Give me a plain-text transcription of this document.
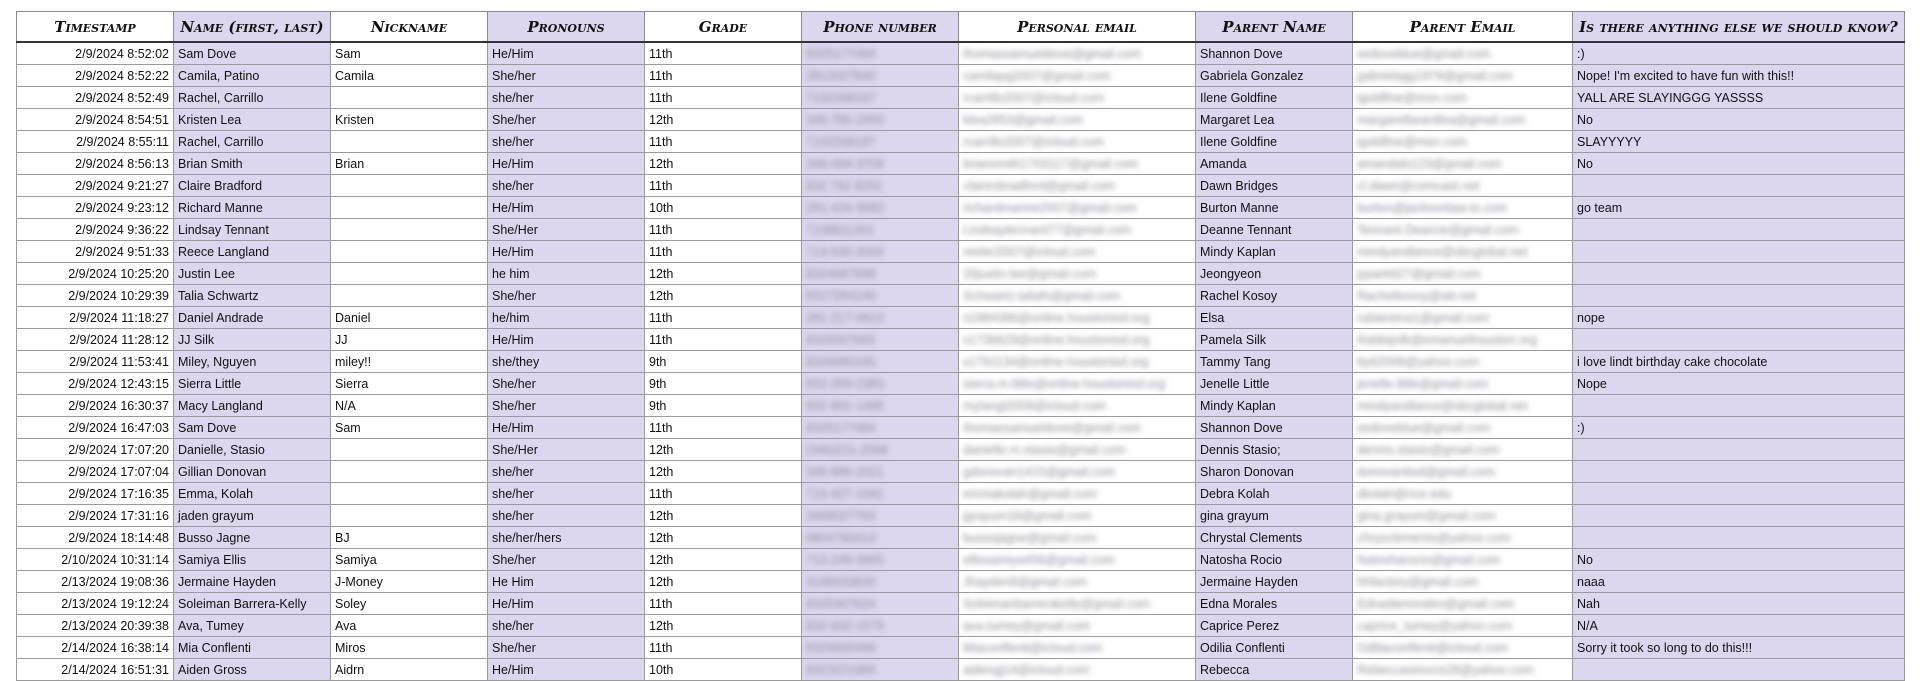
Timestamp	Name (first, last)	Nickname	Pronouns	Grade	Phone number	Personal email	Parent Name	Parent Email	Is there anything else we should know?
2/9/2024 8:52:02	Sam Dove	Sam	He/Him	11th	8325177484	thomassamueldove@gmail.com	Shannon Dove	sedoveblue@gmail.com	:)
2/9/2024 8:52:22	Camila, Patino	Camila	She/her	11th	2812027840	camilapg2007@gmail.com	Gabriela Gonzalez	gabrielagg1979@gmail.com	Nope! I'm excited to have fun with this!!
2/9/2024 8:52:49	Rachel, Carrillo		she/her	11th	7132268197	rcarrillo2007@icloud.com	Ilene Goldfine	igoldfine@msn.com	YALL ARE SLAYINGGG YASSSS
2/9/2024 8:54:51	Kristen Lea	Kristen	She/her	12th	346-780-2950	klea2853@gmail.com	Margaret Lea	margaretbeardlea@gmail.com	No
2/9/2024 8:55:11	Rachel, Carrillo		she/her	11th	7132268197	rcarrillo2007@icloud.com	Ilene Goldfine	igoldfine@msn.com	SLAYYYYY
2/9/2024 8:56:13	Brian Smith	Brian	He/Him	12th	346-494-3709	briansmith1703117@gmail.com	Amanda	amandals123@gmail.com	No
2/9/2024 9:21:27	Claire Bradford		she/her	11th	832 762 8252	clairesbradford@gmail.com	Dawn Bridges	cl.dawn@comcast.net	
2/9/2024 9:23:12	Richard Manne		He/Him	10th	281-434-3682	richardmanne2007@gmail.com	Burton Manne	burton@jacksonlaw-tx.com	go team
2/9/2024 9:36:22	Lindsay Tennant		She/Her	11th	7138811301	Lindsaytennant77@gmail.com	Deanne Tennant	Tennant.Deanne@gmail.com	
2/9/2024 9:51:33	Reece Langland		He/Him	11th	713-530-2000	reeler2007@icloud.com	Mindy Kaplan	mindyandlance@sbcglobal.net	
2/9/2024 10:25:20	Justin Lee		he him	12th	8324687698	20justin.lee@gmail.com	Jeongyeon	jypark627@gmail.com	
2/9/2024 10:29:39	Talia Schwartz		She/her	12th	8327264246	Schwartz.taliafs@gmail.com	Rachel Kosoy	Rachelkosoy@att.net	
2/9/2024 11:18:27	Daniel Andrade	Daniel	he/him	11th	281-217-0613	s1984386@online.houstonisd.org	Elsa	rubiereina1@gmail.com	nope
2/9/2024 11:28:12	JJ Silk	JJ	He/Him	11th	8326507665	s1736629@online.houstonisd.org	Pamela Silk	Rabbijsilk@emanuelhouston.org	
2/9/2024 11:53:41	Miley, Nguyen	miley!!	she/they	9th	8326680195	s1791134@online.houstonisd.org	Tammy Tang	tty62008@yahoo.com	i love lindt birthday cake chocolate
2/9/2024 12:43:15	Sierra Little	Sierra	She/her	9th	832-359-2383	sierra.m.little@online.houstonisd.org	Jenelle Little	jenelle.little@gmail.com	Nope
2/9/2024 16:30:37	Macy Langland	N/A	She/her	9th	832-801-1495	mylangl2009@icloud.com	Mindy Kaplan	mindyandlance@sbcglobal.net	
2/9/2024 16:47:03	Sam Dove	Sam	He/Him	11th	8325177484	thomassamueldove@gmail.com	Shannon Dove	sedoveblue@gmail.com	:)
2/9/2024 17:07:20	Danielle, Stasio		She/Her	12th	(346)221-2068	danielle.m.stasio@gmail.com	Dennis Stasio;	dennis.stasio@gmail.com	
2/9/2024 17:07:04	Gillian Donovan		she/her	12th	346-886-2021	gdonovan1415@gmail.com	Sharon Donovan	donovanbsd@gmail.com	
2/9/2024 17:16:35	Emma, Kolah		she/her	11th	713-427-1041	emmakolah@gmail.com	Debra Kolah	dkolah@rice.edu	
2/9/2024 17:31:16	jaden grayum		she/her	12th	3468027763	jgrayum16@gmail.com	gina grayum	gina.grayum@gmail.com	
2/9/2024 18:14:48	Busso Jagne	BJ	she/her/hers	12th	9804760413	bussojagne@gmail.com	Chrystal Clements	chrysclements@yahoo.com	
2/10/2024 10:31:14	Samiya Ellis	Samiya	She/her	12th	713-249-3865	ellissamiya456@gmail.com	Natosha Rocio	Natosharocio@gmail.com	No
2/13/2024 19:08:36	Jermaine Hayden	J-Money	He Him	12th	3148433830	Jhayden8@gmail.com	Jermaine Hayden	hhfactory@gmail.com	naaa
2/13/2024 19:12:24	Soleiman Barrera-Kelly	Soley	He/Him	11th	8325407624	Soleimanbarrerakelly@gmail.com	Edna Morales	Ednadamorales@gmail.com	Nah
2/13/2024 20:39:38	Ava, Tumey	Ava	she/her	12th	832-932-1579	ava.tumey@gmail.com	Caprice Perez	caprice_tumey@yahoo.com	N/A
2/14/2024 16:38:14	Mia Conflenti	Miros	She/her	11th	8326660496	Miaconflenti@icloud.com	Odilia Conflenti	Odiliaconflenti@icloud.com	Sorry it took so long to do this!!!
2/14/2024 16:51:31	Aiden Gross	Aidrn	He/Him	10th	8323221989	aidengj14@icloud.com	Rebecca	Rebeccasimons28@yahoo.com	
